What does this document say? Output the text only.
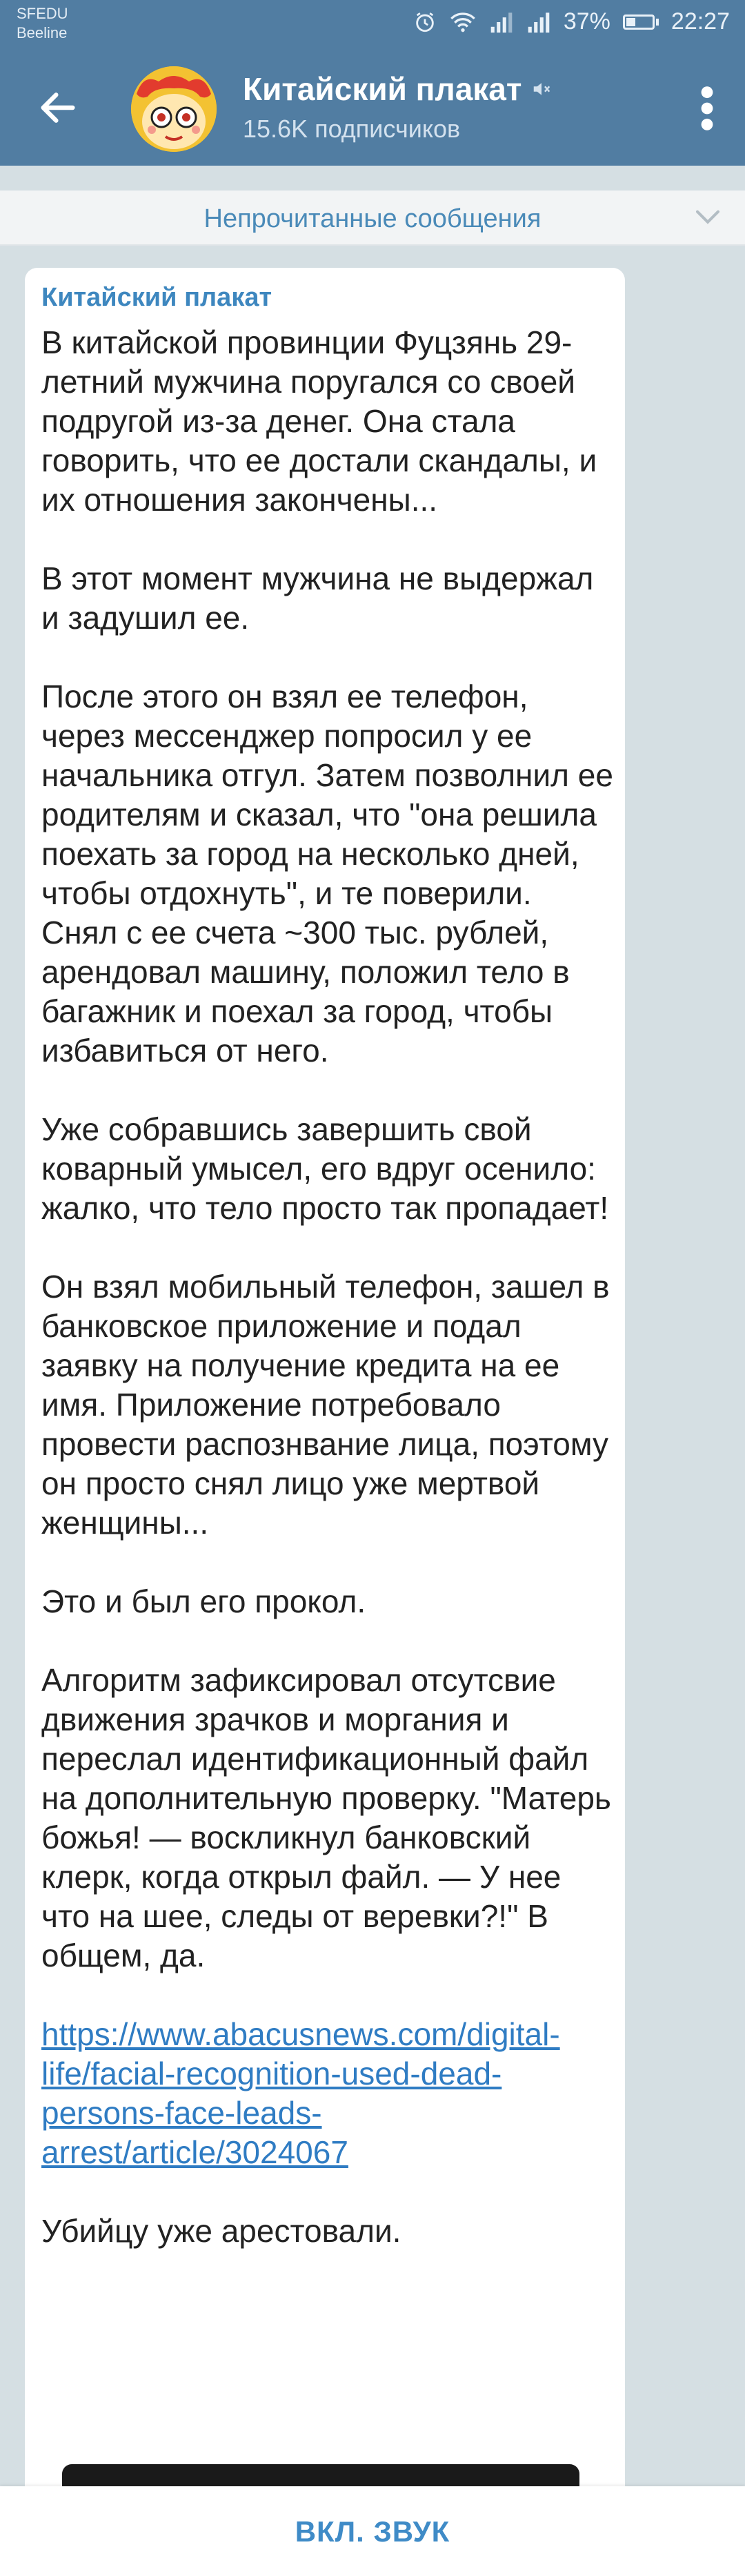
SFEDU
Beeline	37%	22:27
Китайский плакат
15.6K подписчиков
Непрочитанные сообщения
Китайский плакат

В китайской провинции Фуцзянь 29-летний мужчина поругался со своей подругой из-за денег. Она стала говорить, что ее достали скандалы, и их отношения закончены...

В этот момент мужчина не выдержал и задушил ее.

После этого он взял ее телефон, через мессенджер попросил у ее начальника отгул. Затем позволнил ее родителям и сказал, что "она решила поехать за город на несколько дней, чтобы отдохнуть", и те поверили. Снял с ее счета ~300 тыс. рублей, арендовал машину, положил тело в багажник и поехал за город, чтобы избавиться от него.

Уже собравшись завершить свой коварный умысел, его вдруг осенило: жалко, что тело просто так пропадает!

Он взял мобильный телефон, зашел в банковское приложение и подал заявку на получение кредита на ее имя. Приложение потребовало провести распознвание лица, поэтому он просто снял лицо уже мертвой женщины...

Это и был его прокол.

Алгоритм зафиксировал отсутсвие движения зрачков и моргания и переслал идентификационный файл на дополнительную проверку. "Матерь божья! — воскликнул банковский клерк, когда открыл файл. — У нее что на шее, следы от веревки?!" В общем, да.

https://www.abacusnews.com/digital-life/facial-recognition-used-dead-persons-face-leads-arrest/article/3024067

Убийцу уже арестовали.

ВКЛ. ЗВУК
